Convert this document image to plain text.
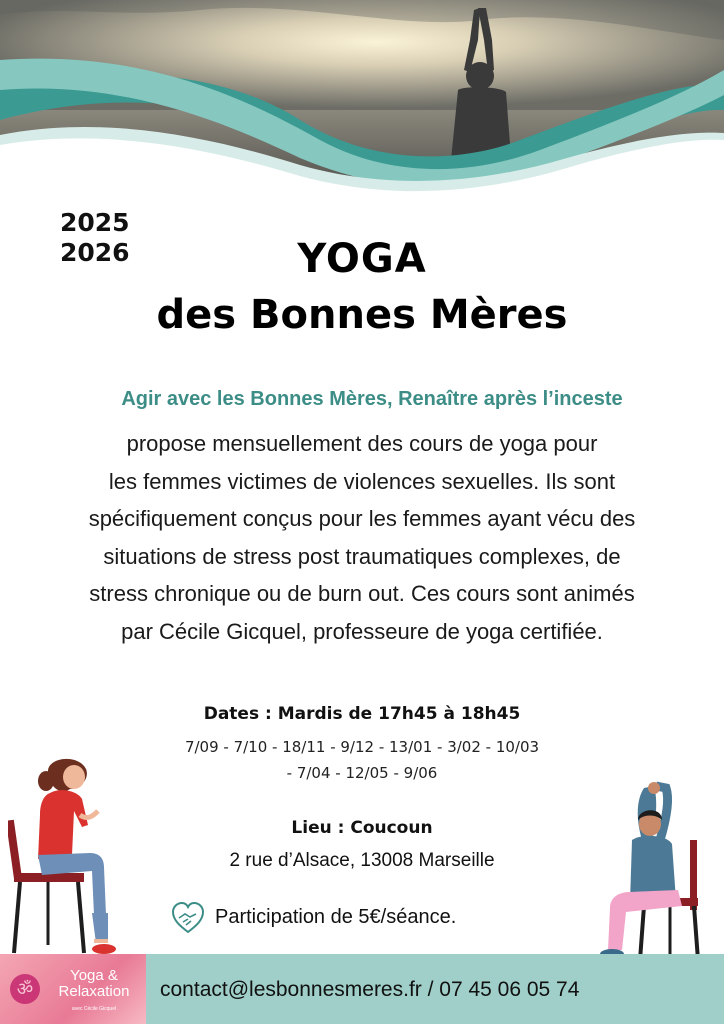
2025
2026	YOGA
des Bonnes Mères
Agir avec les Bonnes Mères, Renaître après l’inceste
propose mensuellement des cours de yoga pour
les femmes victimes de violences sexuelles. Ils sont
spécifiquement conçus pour les femmes ayant vécu des
situations de stress post traumatiques complexes, de
stress chronique ou de burn out. Ces cours sont animés
par Cécile Gicquel, professeure de yoga certifiée.
Dates : Mardis de 17h45 à 18h45
7/09 - 7/10 - 18/11 - 9/12 - 13/01 - 3/02 - 10/03
- 7/04 - 12/05 - 9/06
Lieu : Coucoun
2 rue d’Alsace, 13008 Marseille
Participation de 5€/séance.
ॐ
Yoga & Relaxation
avec Cécile Gicquel
contact@lesbonnesmeres.fr / 07 45 06 05 74
